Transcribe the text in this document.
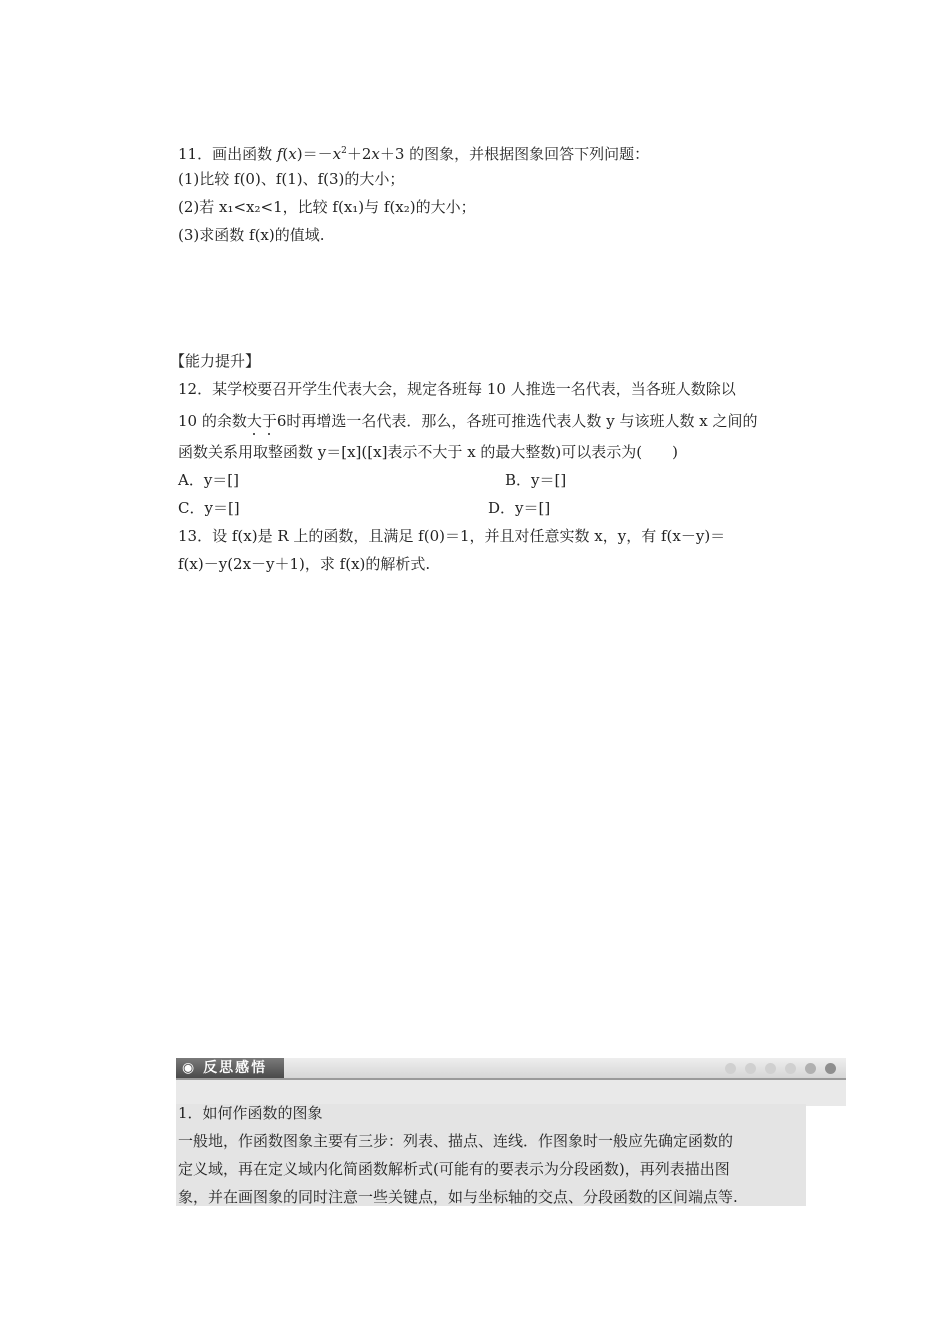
11．画出函数 $f(x)=-x^2+2x+3$ 的图象，并根据图象回答下列问题：
(1)比较 f(0)、f(1)、f(3)的大小；
(2)若 x₁<x₂<1，比较 f(x₁)与 f(x₂)的大小；
(3)求函数 f(x)的值域.
【能力提升】
12．某学校要召开学生代表大会，规定各班每 10 人推选一名代表，当各班人数除以
10 的余数大于6时再增选一名代表．那么，各班可推选代表人数 y 与该班人数 x 之间的
函数关系用取整函数 y＝[x]([x]表示不大于 x 的最大整数)可以表示为(　　)
A．y＝[]	B．y＝[]
C．y＝[]	D．y＝[]
13．设 f(x)是 R 上的函数，且满足 f(0)＝1，并且对任意实数 x，y，有 f(x－y)＝
f(x)－y(2x－y＋1)，求 f(x)的解析式.
◉ 反思感悟
1．如何作函数的图象
一般地，作函数图象主要有三步：列表、描点、连线．作图象时一般应先确定函数的
定义域，再在定义域内化简函数解析式(可能有的要表示为分段函数)，再列表描出图
象，并在画图象的同时注意一些关键点，如与坐标轴的交点、分段函数的区间端点等.
